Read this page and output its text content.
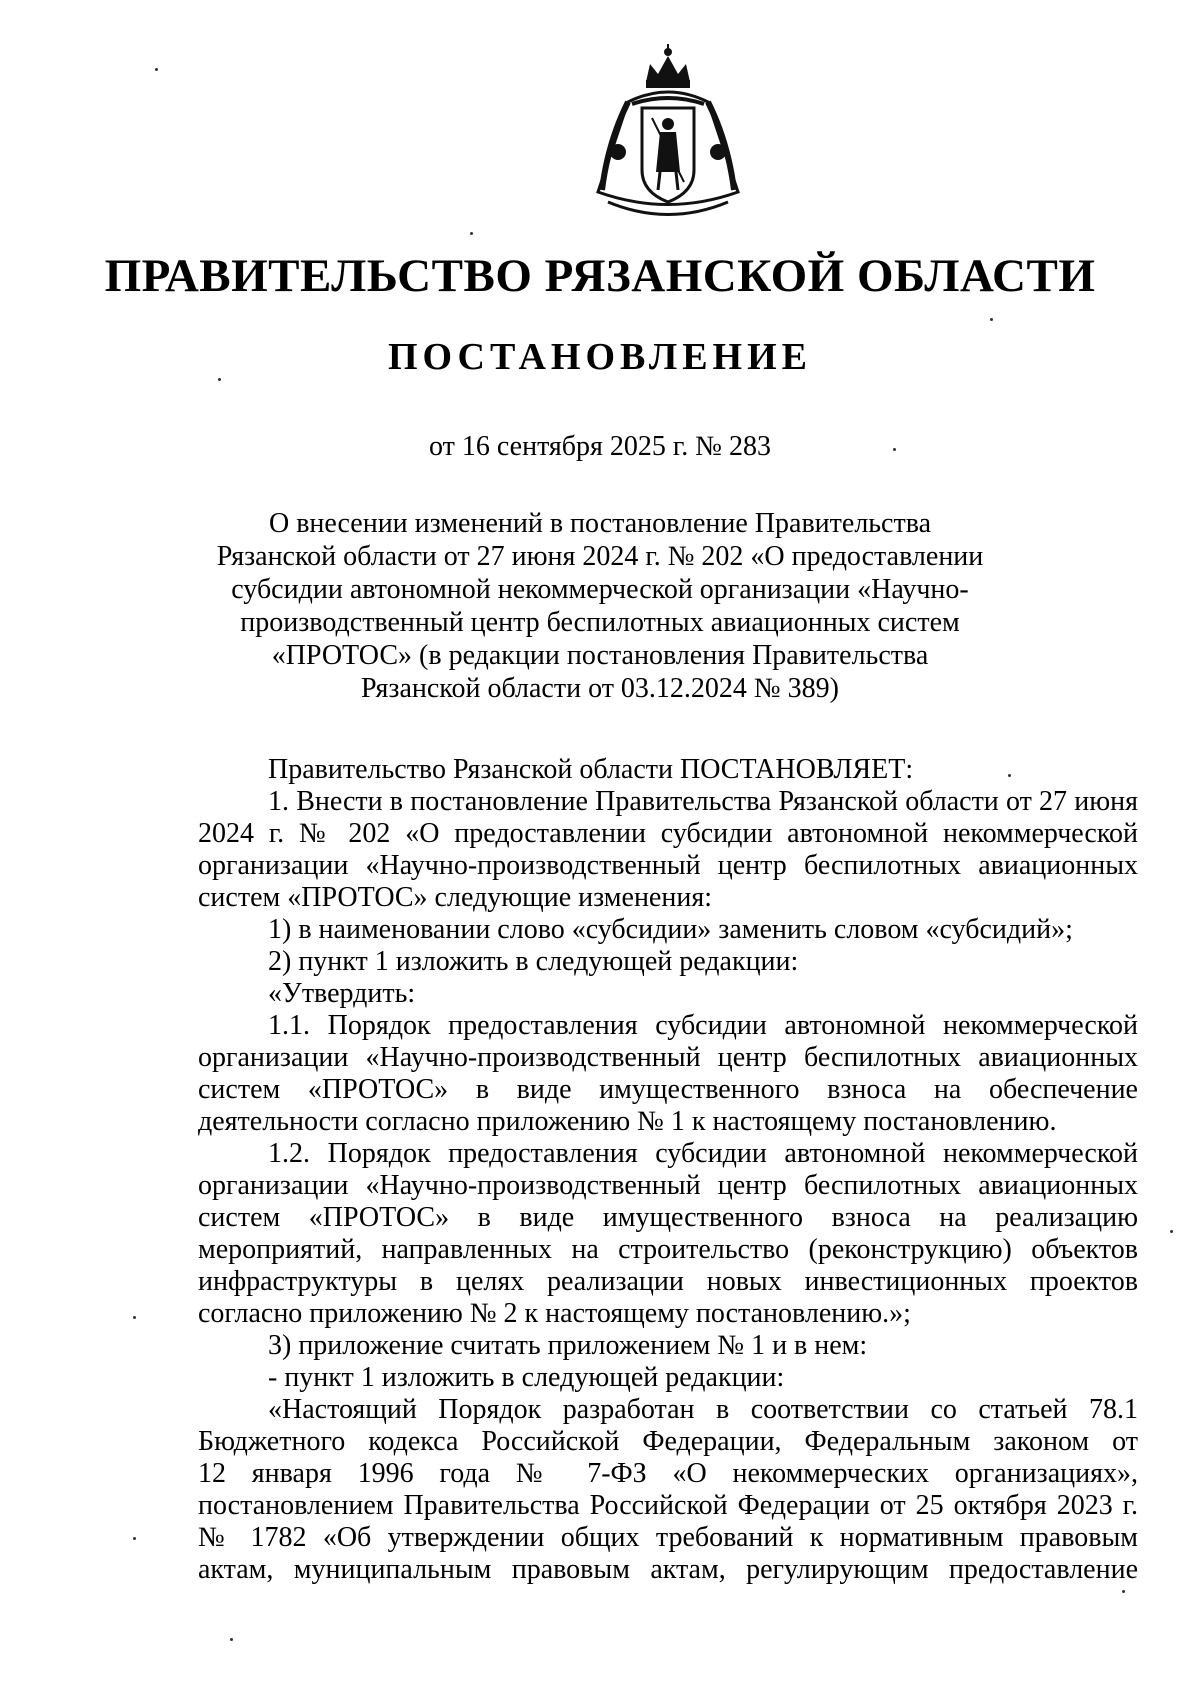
ПРАВИТЕЛЬСТВО РЯЗАНСКОЙ ОБЛАСТИ
ПОСТАНОВЛЕНИЕ
от 16 сентября 2025 г. № 283
О внесении изменений в постановление Правительства
Рязанской области от 27 июня 2024 г. № 202 «О предоставлении
субсидии автономной некоммерческой организации «Научно-
производственный центр беспилотных авиационных систем
«ПРОТОС» (в редакции постановления Правительства
Рязанской области от 03.12.2024 № 389)
Правительство Рязанской области ПОСТАНОВЛЯЕТ:
1. Внести в постановление Правительства Рязанской области от 27 июня
2024 г. № 202 «О предоставлении субсидии автономной некоммерческой
организации «Научно-производственный центр беспилотных авиационных
систем «ПРОТОС» следующие изменения:
1) в наименовании слово «субсидии» заменить словом «субсидий»;
2) пункт 1 изложить в следующей редакции:
«Утвердить:
1.1. Порядок предоставления субсидии автономной некоммерческой
организации «Научно-производственный центр беспилотных авиационных
систем «ПРОТОС» в виде имущественного взноса на обеспечение
деятельности согласно приложению № 1 к настоящему постановлению.
1.2. Порядок предоставления субсидии автономной некоммерческой
организации «Научно-производственный центр беспилотных авиационных
систем «ПРОТОС» в виде имущественного взноса на реализацию
мероприятий, направленных на строительство (реконструкцию) объектов
инфраструктуры в целях реализации новых инвестиционных проектов
согласно приложению № 2 к настоящему постановлению.»;
3) приложение считать приложением № 1 и в нем:
- пункт 1 изложить в следующей редакции:
«Настоящий Порядок разработан в соответствии со статьей 78.1
Бюджетного кодекса Российской Федерации, Федеральным законом от
12 января 1996 года № 7-ФЗ «О некоммерческих организациях»,
постановлением Правительства Российской Федерации от 25 октября 2023 г.
№ 1782 «Об утверждении общих требований к нормативным правовым
актам, муниципальным правовым актам, регулирующим предоставление
